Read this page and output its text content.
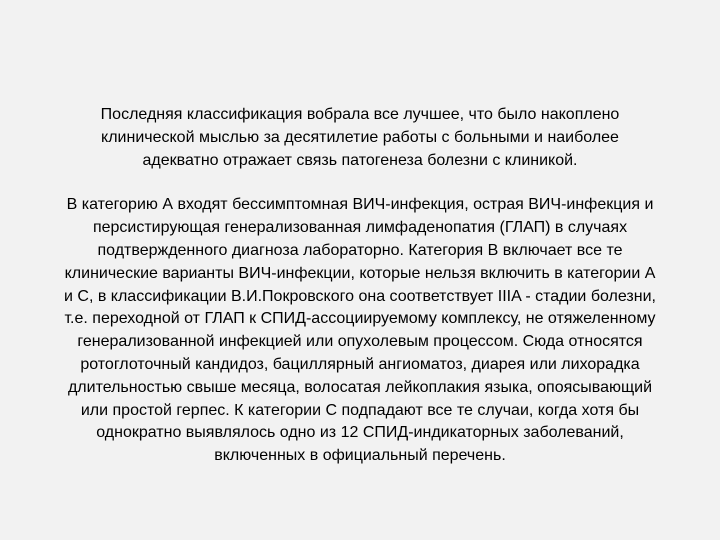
Последняя классификация вобрала все лучшее, что было накоплено
клинической мыслью за десятилетие работы с больными и наиболее
адекватно отражает связь патогенеза болезни с клиникой.

В категорию А входят бессимптомная ВИЧ-инфекция, острая ВИЧ-инфекция и
персистирующая генерализованная лимфаденопатия (ГЛАП) в случаях
подтвержденного диагноза лабораторно. Категория В включает все те
клинические варианты ВИЧ-инфекции, которые нельзя включить в категории А
и С, в классификации В.И.Покровского она соответствует IIIA - стадии болезни,
т.е. переходной от ГЛАП к СПИД-ассоциируемому комплексу, не отяжеленному
генерализованной инфекцией или опухолевым процессом. Сюда относятся
ротоглоточный кандидоз, бациллярный ангиоматоз, диарея или лихорадка
длительностью свыше месяца, волосатая лейкоплакия языка, опоясывающий
или простой герпес. К категории С подпадают все те случаи, когда хотя бы
однократно выявлялось одно из 12 СПИД-индикаторных заболеваний,
включенных в официальный перечень.
